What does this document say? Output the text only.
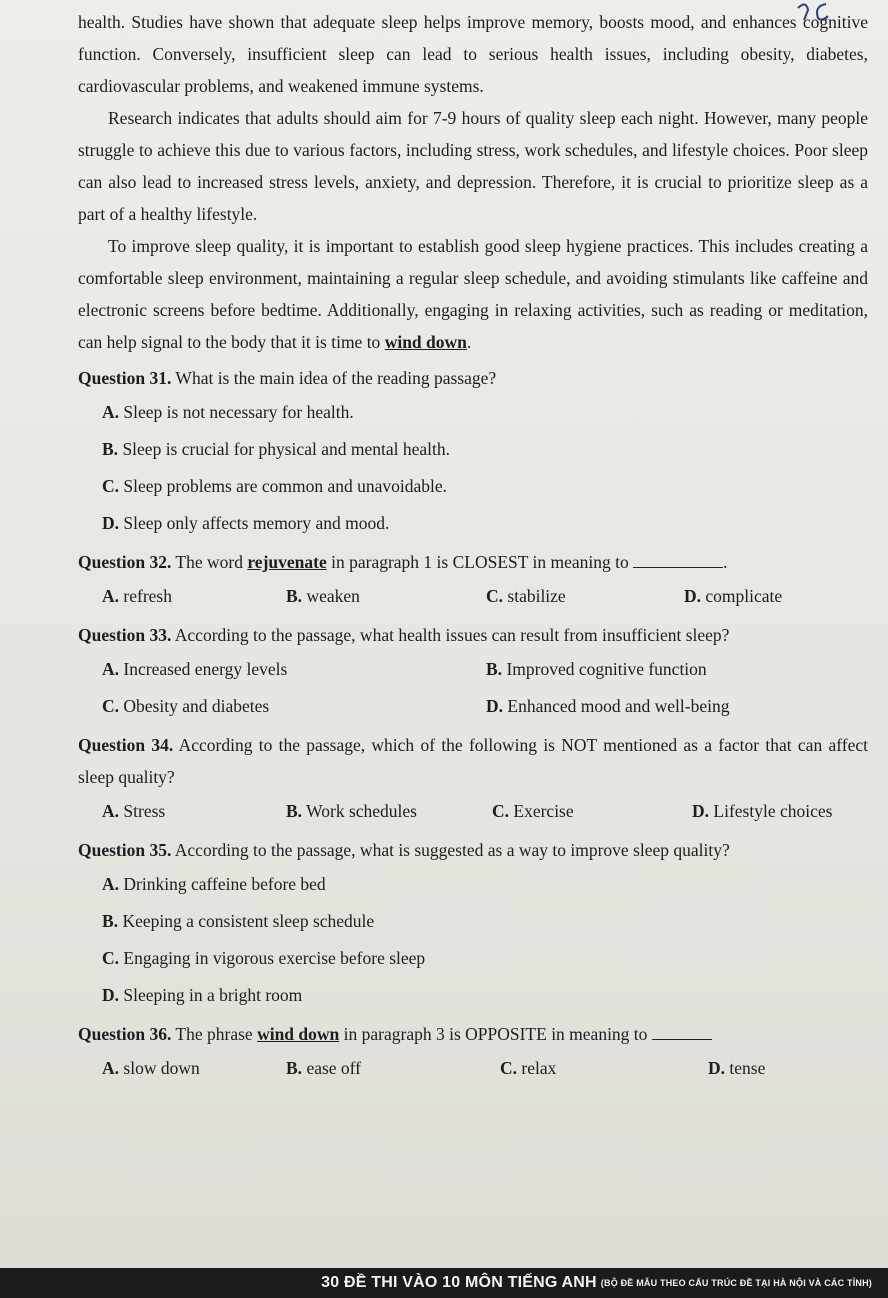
health. Studies have shown that adequate sleep helps improve memory, boosts mood, and enhances cognitive function. Conversely, insufficient sleep can lead to serious health issues, including obesity, diabetes, cardiovascular problems, and weakened immune systems.

Research indicates that adults should aim for 7-9 hours of quality sleep each night. However, many people struggle to achieve this due to various factors, including stress, work schedules, and lifestyle choices. Poor sleep can also lead to increased stress levels, anxiety, and depression. Therefore, it is crucial to prioritize sleep as a part of a healthy lifestyle.

To improve sleep quality, it is important to establish good sleep hygiene practices. This includes creating a comfortable sleep environment, maintaining a regular sleep schedule, and avoiding stimulants like caffeine and electronic screens before bedtime. Additionally, engaging in relaxing activities, such as reading or meditation, can help signal to the body that it is time to wind down.

Question 31. What is the main idea of the reading passage?

A. Sleep is not necessary for health.

B. Sleep is crucial for physical and mental health.

C. Sleep problems are common and unavoidable.

D. Sleep only affects memory and mood.

Question 32. The word rejuvenate in paragraph 1 is CLOSEST in meaning to	.

A. refresh	B. weaken	C. stabilize	D. complicate

Question 33. According to the passage, what health issues can result from insufficient sleep?

A. Increased energy levels	B. Improved cognitive function
C. Obesity and diabetes	D. Enhanced mood and well-being

Question 34. According to the passage, which of the following is NOT mentioned as a factor that can affect sleep quality?

A. Stress	B. Work schedules	C. Exercise	D. Lifestyle choices

Question 35. According to the passage, what is suggested as a way to improve sleep quality?

A. Drinking caffeine before bed

B. Keeping a consistent sleep schedule

C. Engaging in vigorous exercise before sleep

D. Sleeping in a bright room

Question 36. The phrase wind down in paragraph 3 is OPPOSITE in meaning to

A. slow down	B. ease off	C. relax	D. tense
30 ĐỀ THI VÀO 10 MÔN TIẾNG ANH (BỘ ĐỀ MẪU THEO CẤU TRÚC ĐỀ TẠI HÀ NỘI VÀ CÁC TỈNH)
